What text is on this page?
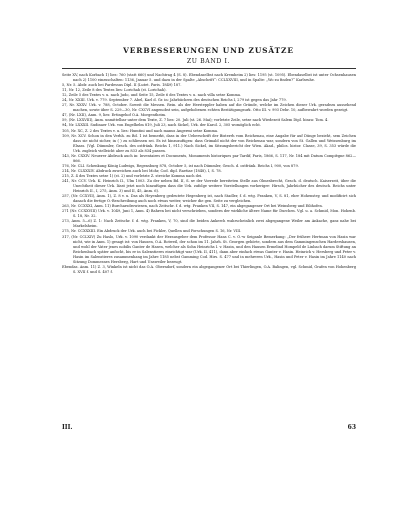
VERBESSERUNGEN UND ZUSÄTZE
ZU BAND I.

Seite XV, nach Korbach 1) lies: 760 (statt 660) und Nachtrag 4 (S. 8). Ebendaselbst nach Kremheim 2) lies: 1195 (st. 1095). Ebendaselbst ist unter Ochsenhausen nach 2) 1100 einzuschalten: 1136, Januar 5. und dazu in der Spalte „Abschrift“: CCLXXVIII, und in Spalte: „Wo zu finden?“ Karlsruhe.

5, Nr. 5. Abdr. auch bei Pardessus Dipl. II (Lutet. Paris. 1849) 187.

11, Nr. 12, Zeile 8 des Textes lies: Lorichah (st. Lorichah).

12, Zeile 5 des Textes v. u. nach Judo, und Seite 15, Zeile 6 des Textes v. u. nach villa setze Komma.

24, Nr. XXIII. Urk. v. 779. September 7. Abel, Karl d. Gr. in: Jahrbüchern des deutschen Reichs I, 279 ist gegen das Jahr 779.

27, Nr. XXXV. Urk. v. 788, October. Soweit die Messen. Rein. als der Hersteppler haben auf die Gründe, welche im Zeichen dieser Urk. geradezu aussehend machen, sowie über S. 229—30, Nr. CXCVI angenobst sein, aufgehobenen echten Bestätigungsurk. Otto III. v. 993 Dehr. 10, aufbewahrt worden gezeigt.

47, (Nr. LXII), Anm. 9, lies: Ertingehof O.A. Morgentheim.

59, (Nr. LXXVIII), Anm. unmittelbar unter dem Texte, Z. 7 lies: 20. Juli (st. 26. Mai); vorletzte Zeile, setze nach Wiedezeit Salem Dipl. hinzu: Tom. 4.

94, Nr. LXXXII. Sudinaer Urk. von Engelhelm 819, Juli 23, nach Sickel, Urk. der Karol. 2, 305 womöglich echt.

105, Nr. XC, Z. 2 des Textes v. u. lies: Humtini und nach manus Angermi setze Komma.

109, Nr. XCV. Schon in den Verhh. zu Bd. 1 ist bemerkt, dass in der Ueberschrift der Bisterrh vom Reichenau, eine Angabe für auf Dünge bezieht, sem Zeichen dass sie nicht sicher, in ( ) zu schliessen sei. Es ist hinzuzufügen: dass Grimald nicht der von Reichenau war, sondern von St. Gallen und Weissenburg im Elsass. (Vgl. Dümmler, Gesch. des ostfränk. Reichs 1, 911.) Nach Sickel, im Sitzungsbericht der Wien. Akad., philos. histor. Classe, 39, S. 353 würde die Urk. zugleich vielleicht aber zu 833 als 834 passen.

143, Nr. CXXIV. Neuerer Abdruck auch in: Inventaires et Documents, Monuments historiques par Tardif, Paris, 1866, S. 117, Nr. 184 mit Datum Compiègne 862—866.

176, Nr. CLI. Schenkung König Ludwigs, Regensburg 878, October 5, ist nach Dümmler, Gesch. d. ostfränk. Reichs I, 900, von 879.

214, Nr. CLXXXIV. Abdruck zuweichen auch bei Mohr, Cod. dipl. Raetiae (1848), I, S. 78.

215, Z. 4 des Textes setze 1) (st. 2) und vorletzte Z. streiche Komma nach dei.

241, Nr. CCV. Urk. K. Heinrich II., Ulm 1003. Zu der neben Bd. II, S. xv der Vorrede bereiteten Stelle aus Olmesbrecht, Gesch. d. deutsch. Kaiserzeit, über die Unechtheit dieser Urk. lässt jetzt noch hinzufügen dass die Urk. zufolge weitere Vorstellungen vorheriger: Hirsch, Jahrbücher des deutsch. Reichs unter Heinrich II., I, 275, Anm. 3) und II, 45, Anm. 6).

257, (Nr. CCXVII), Anm. 1), Z. 8 v. u. Das als Heyenberg gedeutete Hegenberg ist, nach Stadler, f. d. wtg. Franken, V, S. 81, eher Hohenstey, und modificirt sich danach die fertige O.-Beschreibung auch noch etwas weiter, weicher die gen. Seite zu vergleichen.

263, Nr. CCXXXI, Anm. 11) Burcharsdrowiesen, nach Zeitschr. f. d. wtg. Franken VII, S. 147, ein abgegangener Ort bei Weinsberg und Eibhofen.

271 (Nr. CCXXVIII) Urk. v. 1049, Juni 1, Anm. 4) Bahren bei nicht verschrieben, sondern der wirkliche ältere Name für Durchen. Vgl. u. a. Schmid, Mon. Hohenb. S. 18, Nr. 32.

273, Anm. 5—6) Z. 1: Nach Zeitschr. f. d. wtg. Franken, V, 70, sind die beiden Ankerch wahrscheinlich zwei abgegangene Weiler am Ankache, ganz nahe bei Markelsheim.

275, Nr. CCXXXIII. Ein Abdruck der Urk. auch bei Fickler, Quellen und Forschungen S. 16, Nr. VIII.

317, (Nr. CCLXIV) Zu Haslo, Urk. v. 1090 verdankt der Herausgeber dem Professor Hans C. v. O.-w Seiganle Bemerkung: „Der frühere Hertman von Hasin war nicht, wie in Anm. 1) gesagt ist: von Hausen, O.A. Rotweil, der schon im 11. Jahrh. St. Georgen gehörte, sondern aus dem Gammingenschen Hardershausen, und wohl der Vater jenes nobilis Ganter de Hasen, welcher als Sohn Heinrichs I. v. Hasin, und den Hausen Ermelind Hompeld de Linbach darum Stiftung an Reichenbach später anfocht, bis er in Salenstieres einrichtigt war (Urk. II, 411), dann aber einfach etwas Ganter v. Hasin. Heinrich v. Hersberg und Peter v. Hasin im Salenstieres zusammenhang im Jahre 1185 nebst Gamming Cod. Hirs. S. 477 und in mehreren Urk., Hasin und Peter v. Hasin im Jahre 1140 nach Sitzung Dommesnes Hersberg, Hart und Unsweiler bezeugt.

Ebendas. Anm. 11) Z. 3, Winkeln ist nicht das O.A. Oberndorf, sondern ein abgegangener Ort bei Thierlingen, O.A. Balingen, vgl. Schmid, Grafen von Hohenberg S. XVII f. und S. 407 f.

III.	63
